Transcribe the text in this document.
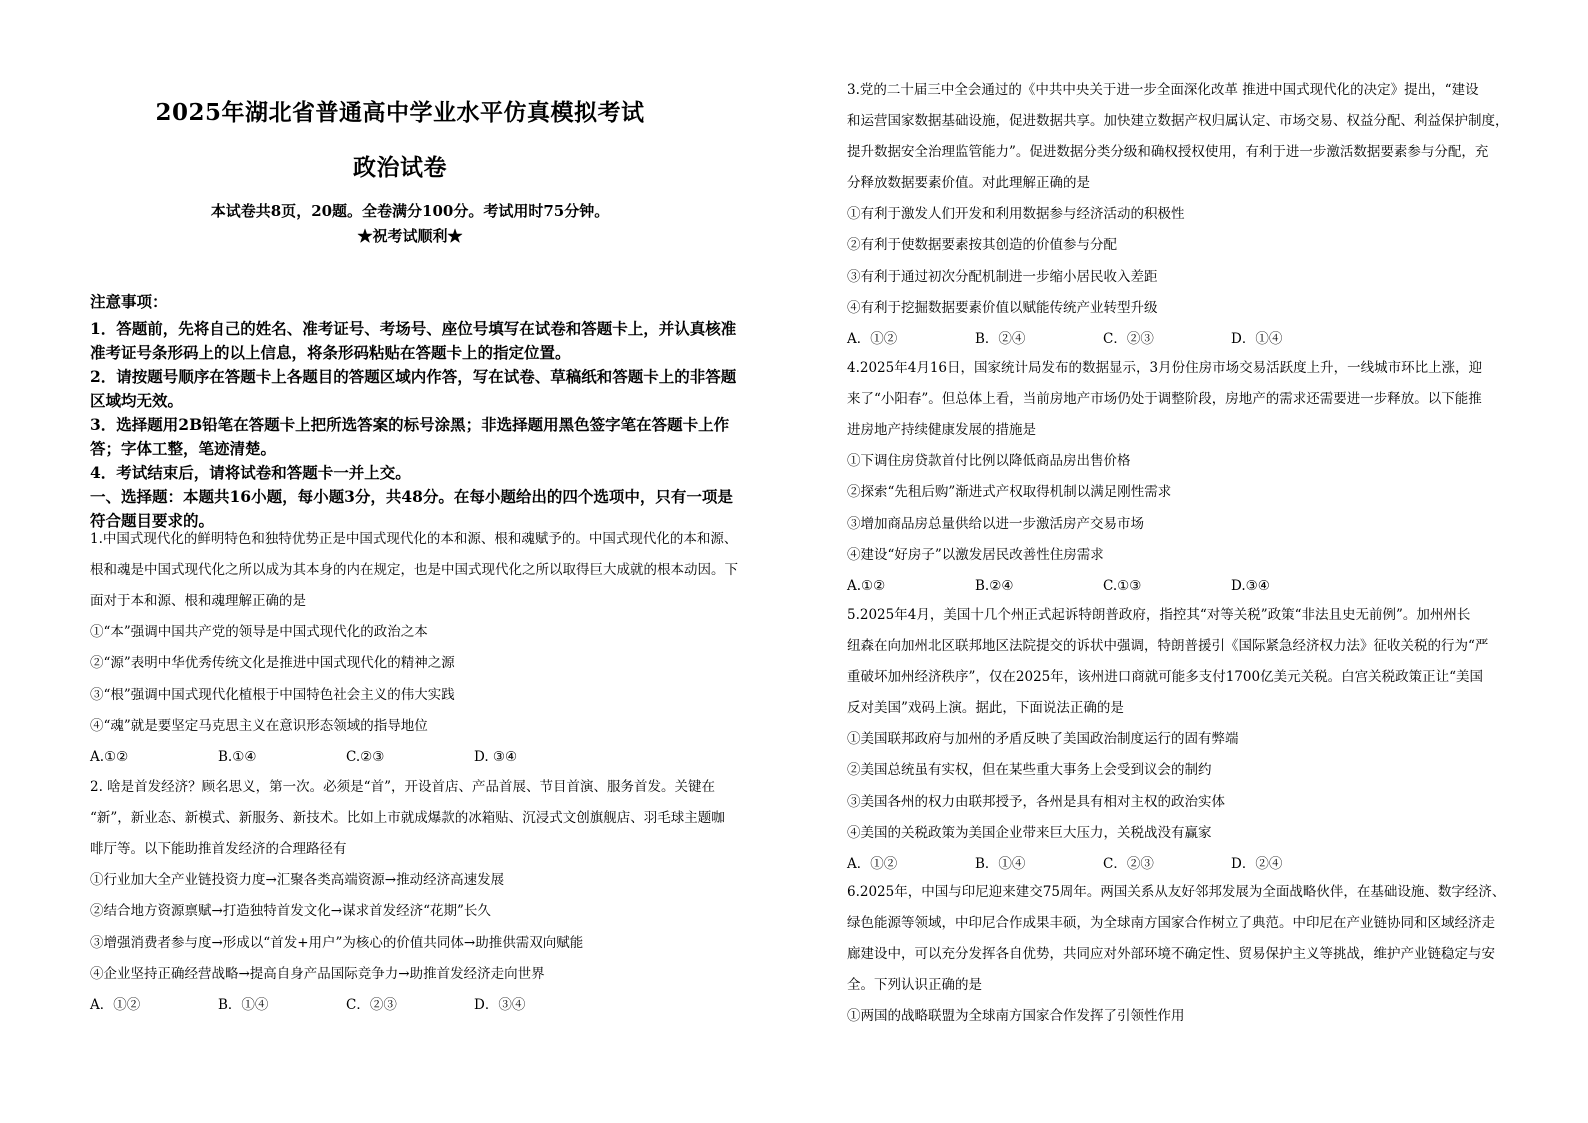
2025年湖北省普通高中学业水平仿真模拟考试
政治试卷
本试卷共8页，20题。全卷满分100分。考试用时75分钟。
★祝考试顺利★

注意事项：

1．答题前，先将自己的姓名、准考证号、考场号、座位号填写在试卷和答题卡上，并认真核准

准考证号条形码上的以上信息，将条形码粘贴在答题卡上的指定位置。

2．请按题号顺序在答题卡上各题目的答题区域内作答，写在试卷、草稿纸和答题卡上的非答题

区域均无效。

3．选择题用2B铅笔在答题卡上把所选答案的标号涂黑；非选择题用黑色签字笔在答题卡上作

答；字体工整，笔迹清楚。

4．考试结束后，请将试卷和答题卡一并上交。

一、选择题：本题共16小题，每小题3分，共48分。在每小题给出的四个选项中，只有一项是

符合题目要求的。

1.中国式现代化的鲜明特色和独特优势正是中国式现代化的本和源、根和魂赋予的。中国式现代化的本和源、

根和魂是中国式现代化之所以成为其本身的内在规定，也是中国式现代化之所以取得巨大成就的根本动因。下

面对于本和源、根和魂理解正确的是

①“本”强调中国共产党的领导是中国式现代化的政治之本

②“源”表明中华优秀传统文化是推进中国式现代化的精神之源

③“根”强调中国式现代化植根于中国特色社会主义的伟大实践

④“魂”就是要坚定马克思主义在意识形态领域的指导地位

A.①②	B.①④	C.②③	D. ③④

2. 啥是首发经济？顾名思义，第一次。必须是“首”，开设首店、产品首展、节目首演、服务首发。关键在

“新”，新业态、新模式、新服务、新技术。比如上市就成爆款的冰箱贴、沉浸式文创旗舰店、羽毛球主题咖

啡厅等。以下能助推首发经济的合理路径有

①行业加大全产业链投资力度→汇聚各类高端资源→推动经济高速发展

②结合地方资源禀赋→打造独特首发文化→谋求首发经济“花期”长久

③增强消费者参与度→形成以“首发+用户”为核心的价值共同体→助推供需双向赋能

④企业坚持正确经营战略→提高自身产品国际竞争力→助推首发经济走向世界

A．①②	B．①④	C．②③	D．③④

3.党的二十届三中全会通过的《中共中央关于进一步全面深化改革 推进中国式现代化的决定》提出，“建设

和运营国家数据基础设施，促进数据共享。加快建立数据产权归属认定、市场交易、权益分配、利益保护制度，

提升数据安全治理监管能力”。促进数据分类分级和确权授权使用，有利于进一步激活数据要素参与分配，充

分释放数据要素价值。对此理解正确的是

①有利于激发人们开发和利用数据参与经济活动的积极性

②有利于使数据要素按其创造的价值参与分配

③有利于通过初次分配机制进一步缩小居民收入差距

④有利于挖掘数据要素价值以赋能传统产业转型升级

A．①②	B．②④	C．②③	D．①④

4.2025年4月16日，国家统计局发布的数据显示，3月份住房市场交易活跃度上升，一线城市环比上涨，迎

来了“小阳春”。但总体上看，当前房地产市场仍处于调整阶段，房地产的需求还需要进一步释放。以下能推

进房地产持续健康发展的措施是

①下调住房贷款首付比例以降低商品房出售价格

②探索“先租后购”渐进式产权取得机制以满足刚性需求

③增加商品房总量供给以进一步激活房产交易市场

④建设“好房子”以激发居民改善性住房需求

A.①②	B.②④	C.①③	D.③④

5.2025年4月，美国十几个州正式起诉特朗普政府，指控其“对等关税”政策“非法且史无前例”。加州州长

纽森在向加州北区联邦地区法院提交的诉状中强调，特朗普援引《国际紧急经济权力法》征收关税的行为“严

重破坏加州经济秩序”，仅在2025年，该州进口商就可能多支付1700亿美元关税。白宫关税政策正让“美国

反对美国”戏码上演。据此，下面说法正确的是

①美国联邦政府与加州的矛盾反映了美国政治制度运行的固有弊端

②美国总统虽有实权，但在某些重大事务上会受到议会的制约

③美国各州的权力由联邦授予，各州是具有相对主权的政治实体

④美国的关税政策为美国企业带来巨大压力，关税战没有赢家

A．①②	B．①④	C．②③	D．②④

6.2025年，中国与印尼迎来建交75周年。两国关系从友好邻邦发展为全面战略伙伴，在基础设施、数字经济、

绿色能源等领域，中印尼合作成果丰硕，为全球南方国家合作树立了典范。中印尼在产业链协同和区域经济走

廊建设中，可以充分发挥各自优势，共同应对外部环境不确定性、贸易保护主义等挑战，维护产业链稳定与安

全。下列认识正确的是

①两国的战略联盟为全球南方国家合作发挥了引领性作用
